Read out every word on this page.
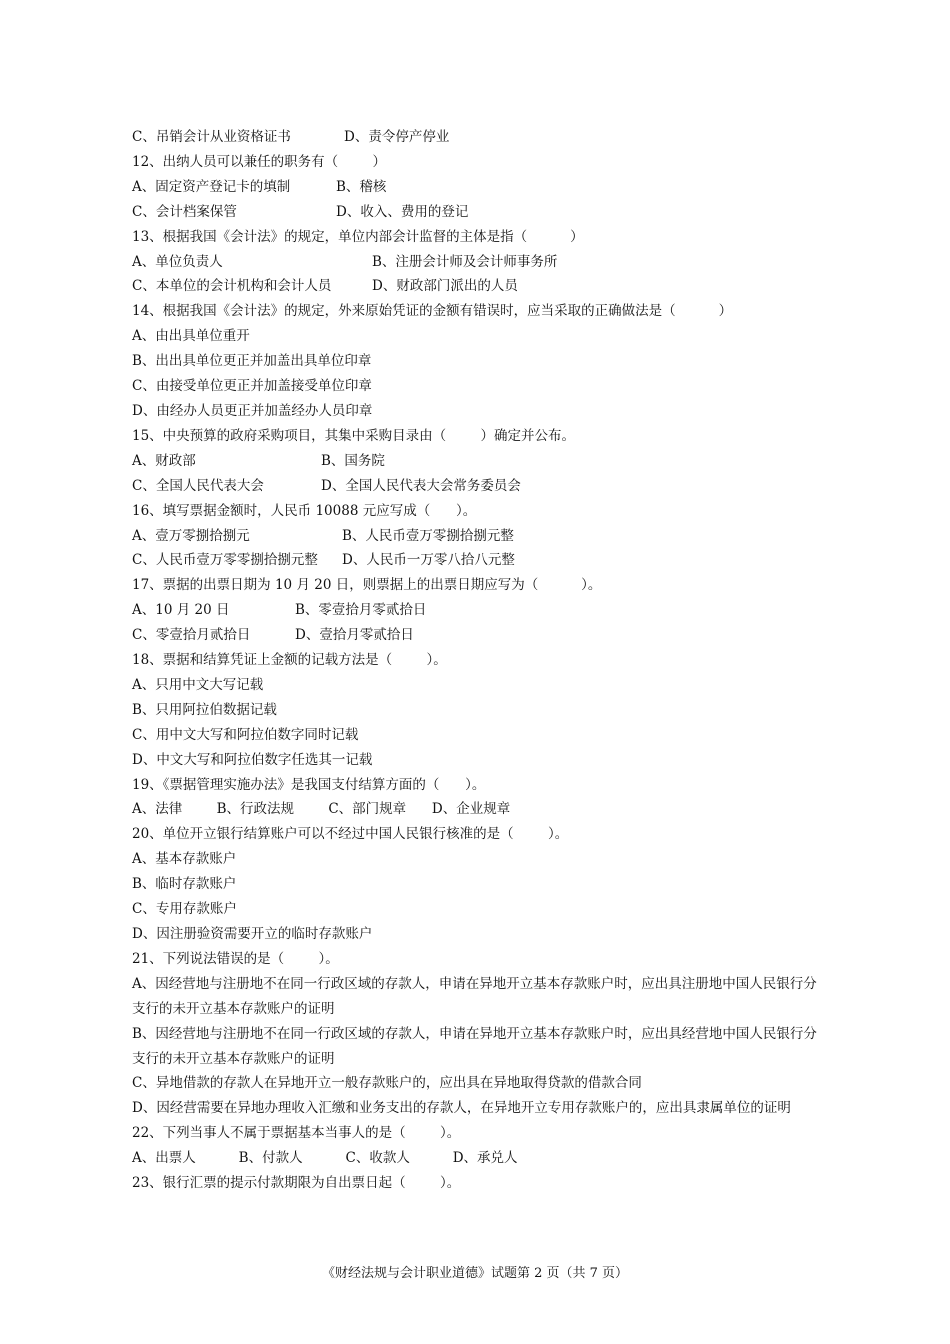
C、吊销会计从业资格证书	D、责令停产停业
12、出纳人员可以兼任的职务有（        ）
A、固定资产登记卡的填制	B、稽核
C、会计档案保管	D、收入、费用的登记
13、根据我国《会计法》的规定，单位内部会计监督的主体是指（          ）
A、单位负责人	B、注册会计师及会计师事务所
C、本单位的会计机构和会计人员	D、财政部门派出的人员
14、根据我国《会计法》的规定，外来原始凭证的金额有错误时，应当采取的正确做法是（          ）
A、由出具单位重开
B、出出具单位更正并加盖出具单位印章
C、由接受单位更正并加盖接受单位印章
D、由经办人员更正并加盖经办人员印章
15、中央预算的政府采购项目，其集中采购目录由（        ）确定并公布。
A、财政部	B、国务院
C、全国人民代表大会	D、全国人民代表大会常务委员会
16、填写票据金额时，人民币 10088 元应写成（      ）。
A、壹万零捌拾捌元	B、人民币壹万零捌拾捌元整
C、人民币壹万零零捌拾捌元整 D、人民币一万零八拾八元整
17、票据的出票日期为 10 月 20 日，则票据上的出票日期应写为（          ）。
A、10 月 20 日	B、零壹拾月零贰拾日
C、零壹拾月贰拾日	D、壹拾月零贰拾日
18、票据和结算凭证上金额的记载方法是（        ）。
A、只用中文大写记载
B、只用阿拉伯数据记载
C、用中文大写和阿拉伯数字同时记载
D、中文大写和阿拉伯数字任选其一记载
19、《票据管理实施办法》是我国支付结算方面的（      ）。
A、法律        B、行政法规        C、部门规章      D、企业规章
20、单位开立银行结算账户可以不经过中国人民银行核准的是（        ）。
A、基本存款账户
B、临时存款账户
C、专用存款账户
D、因注册验资需要开立的临时存款账户
21、下列说法错误的是（        ）。
A、因经营地与注册地不在同一行政区域的存款人，申请在异地开立基本存款账户时，应出具注册地中国人民银行分支行的未开立基本存款账户的证明
B、因经营地与注册地不在同一行政区域的存款人，申请在异地开立基本存款账户时，应出具经营地中国人民银行分支行的未开立基本存款账户的证明
C、异地借款的存款人在异地开立一般存款账户的，应出具在异地取得贷款的借款合同
D、因经营需要在异地办理收入汇缴和业务支出的存款人，在异地开立专用存款账户的，应出具隶属单位的证明
22、下列当事人不属于票据基本当事人的是（        ）。
A、出票人          B、付款人          C、收款人          D、承兑人
23、银行汇票的提示付款期限为自出票日起（        ）。
《财经法规与会计职业道德》试题第 2 页（共 7 页）
